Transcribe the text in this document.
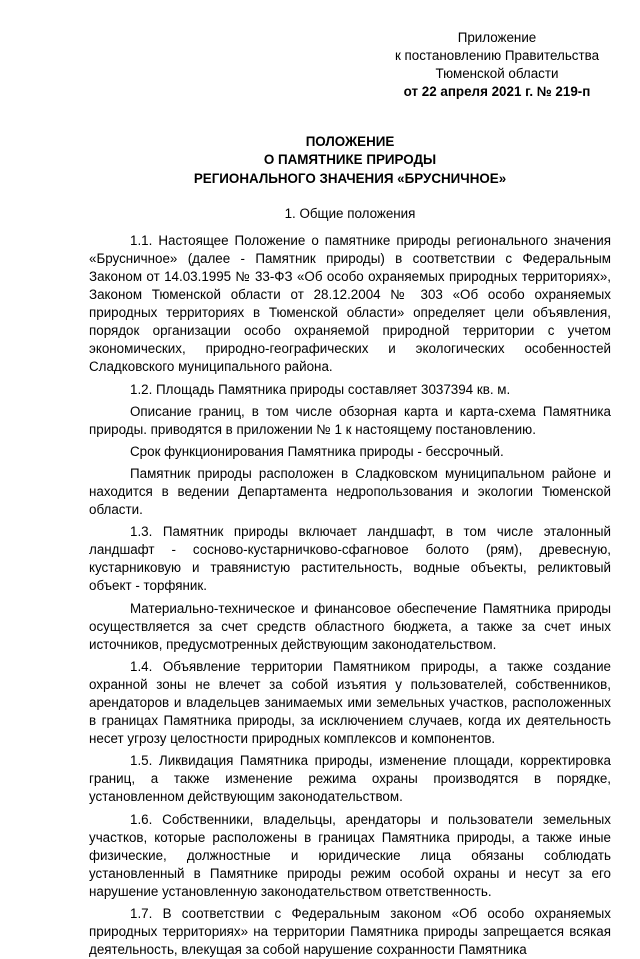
Приложение
к постановлению Правительства
Тюменской области
от 22 апреля 2021 г. № 219-п
ПОЛОЖЕНИЕ
О ПАМЯТНИКЕ ПРИРОДЫ
РЕГИОНАЛЬНОГО ЗНАЧЕНИЯ «БРУСНИЧНОЕ»
1. Общие положения

1.1. Настоящее Положение о памятнике природы регионального значения «Брусничное» (далее - Памятник природы) в соответствии с Федеральным Законом от 14.03.1995 № 33-ФЗ «Об особо охраняемых природных территориях», Законом Тюменской области от 28.12.2004 № 303 «Об особо охраняемых природных территориях в Тюменской области» определяет цели объявления, порядок организации особо охраняемой природной территории с учетом экономических, природно-географических и экологических особенностей Сладковского муниципального района.

1.2. Площадь Памятника природы составляет 3037394 кв. м.

Описание границ, в том числе обзорная карта и карта-схема Памятника природы. приводятся в приложении № 1 к настоящему постановлению.

Срок функционирования Памятника природы - бессрочный.

Памятник природы расположен в Сладковском муниципальном районе и находится в ведении Департамента недропользования и экологии Тюменской области.

1.3. Памятник природы включает ландшафт, в том числе эталонный ландшафт - сосново-кустарничково-сфагновое болото (рям), древесную, кустарниковую и травянистую растительность, водные объекты, реликтовый объект - торфяник.

Материально-техническое и финансовое обеспечение Памятника природы осуществляется за счет средств областного бюджета, а также за счет иных источников, предусмотренных действующим законодательством.

1.4. Объявление территории Памятником природы, а также создание охранной зоны не влечет за собой изъятия у пользователей, собственников, арендаторов и владельцев занимаемых ими земельных участков, расположенных в границах Памятника природы, за исключением случаев, когда их деятельность несет угрозу целостности природных комплексов и компонентов.

1.5. Ликвидация Памятника природы, изменение площади, корректировка границ, а также изменение режима охраны производятся в порядке, установленном действующим законодательством.

1.6. Собственники, владельцы, арендаторы и пользователи земельных участков, которые расположены в границах Памятника природы, а также иные физические, должностные и юридические лица обязаны соблюдать установленный в Памятнике природы режим особой охраны и несут за его нарушение установленную законодательством ответственность.

1.7. В соответствии с Федеральным законом «Об особо охраняемых природных территориях» на территории Памятника природы запрещается всякая деятельность, влекущая за собой нарушение сохранности Памятника
